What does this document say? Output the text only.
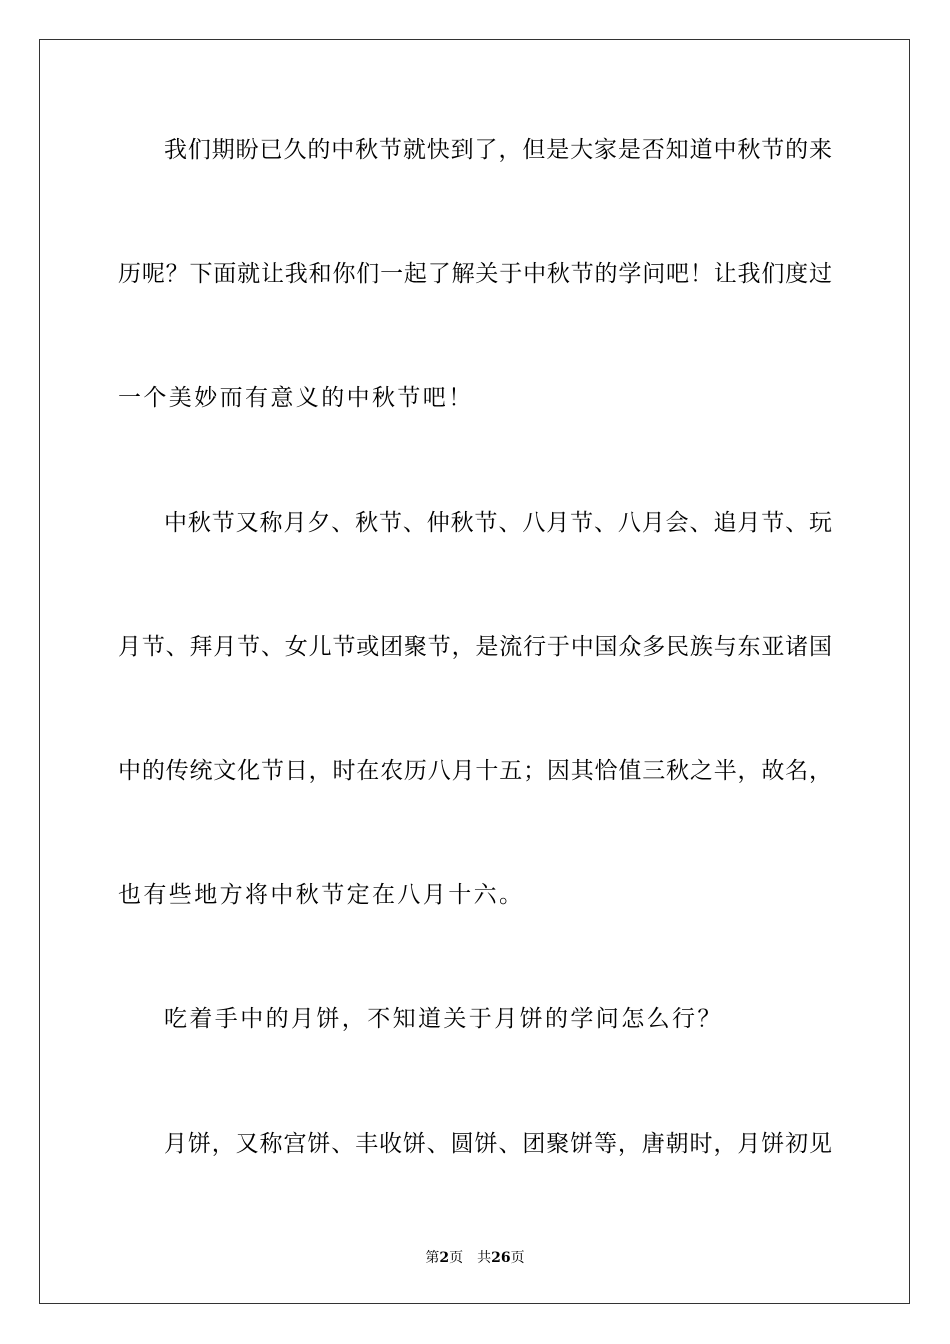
我们期盼已久的中秋节就快到了，但是大家是否知道中秋节的来
历呢？下面就让我和你们一起了解关于中秋节的学问吧！让我们度过
一个美妙而有意义的中秋节吧！
中秋节又称月夕、秋节、仲秋节、八月节、八月会、追月节、玩
月节、拜月节、女儿节或团聚节，是流行于中国众多民族与东亚诸国
中的传统文化节日，时在农历八月十五；因其恰值三秋之半，故名，
也有些地方将中秋节定在八月十六。
吃着手中的月饼，不知道关于月饼的学问怎么行？
月饼，又称宫饼、丰收饼、圆饼、团聚饼等，唐朝时，月饼初见
第2页 共26页
